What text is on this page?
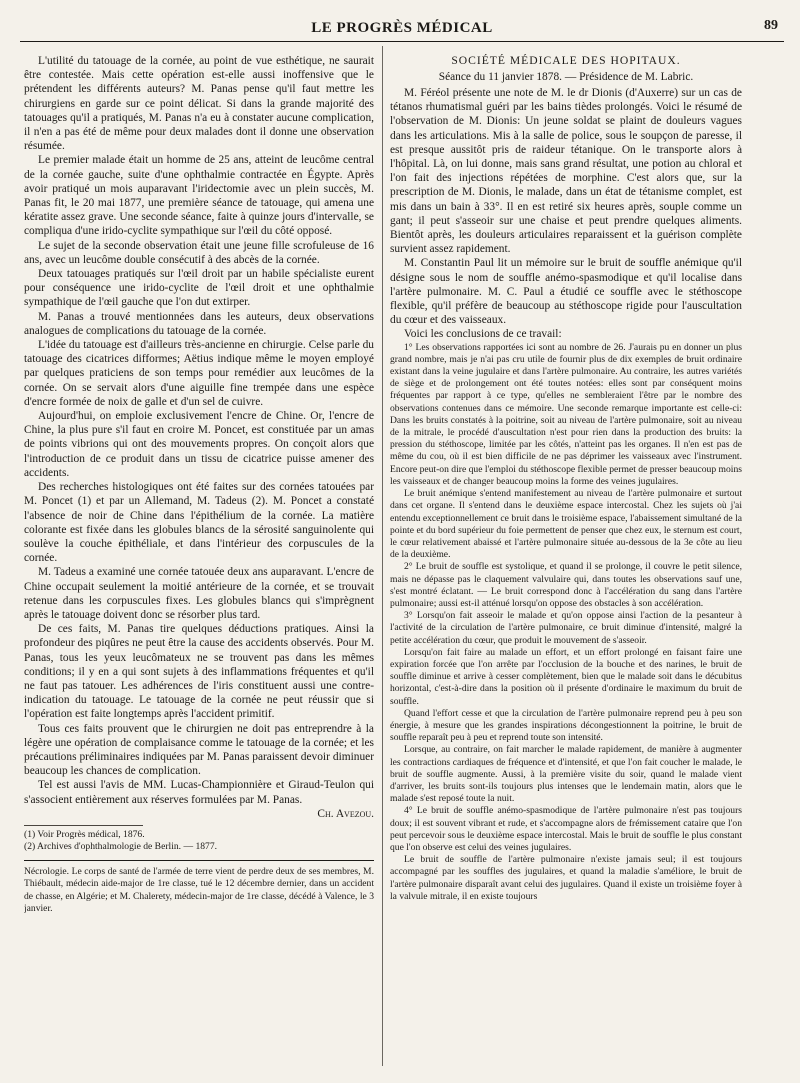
LE PROGRÈS MÉDICAL	89

L'utilité du tatouage de la cornée, au point de vue esthétique, ne saurait être contestée. Mais cette opération est-elle aussi inoffensive que le prétendent les différents auteurs? M. Panas pense qu'il faut mettre les chirurgiens en garde sur ce point délicat. Si dans la grande majorité des tatouages qu'il a pratiqués, M. Panas n'a eu à constater aucune complication, il n'en a pas été de même pour deux malades dont il donne une observation résumée.

Le premier malade était un homme de 25 ans, atteint de leucôme central de la cornée gauche, suite d'une ophthalmie contractée en Égypte. Après avoir pratiqué un mois auparavant l'iridectomie avec un plein succès, M. Panas fit, le 20 mai 1877, une première séance de tatouage, qui amena une kératite assez grave. Une seconde séance, faite à quinze jours d'intervalle, se compliqua d'une irido-cyclite sympathique sur l'œil du côté opposé.

Le sujet de la seconde observation était une jeune fille scrofuleuse de 16 ans, avec un leucôme double consécutif à des abcès de la cornée.

Deux tatouages pratiqués sur l'œil droit par un habile spécialiste eurent pour conséquence une irido-cyclite de l'œil droit et une ophthalmie sympathique de l'œil gauche que l'on dut extirper.

M. Panas a trouvé mentionnées dans les auteurs, deux observations analogues de complications du tatouage de la cornée.

L'idée du tatouage est d'ailleurs très-ancienne en chirurgie. Celse parle du tatouage des cicatrices difformes; Aëtius indique même le moyen employé par quelques praticiens de son temps pour remédier aux leucômes de la cornée. On se servait alors d'une aiguille fine trempée dans une espèce d'encre formée de noix de galle et d'un sel de cuivre.

Aujourd'hui, on emploie exclusivement l'encre de Chine. Or, l'encre de Chine, la plus pure s'il faut en croire M. Poncet, est constituée par un amas de points vibrions qui ont des mouvements propres. On conçoit alors que l'introduction de ce produit dans un tissu de cicatrice puisse amener des accidents.

Des recherches histologiques ont été faites sur des cornées tatouées par M. Poncet (1) et par un Allemand, M. Tadeus (2). M. Poncet a constaté l'absence de noir de Chine dans l'épithélium de la cornée. La matière colorante est fixée dans les globules blancs de la sérosité sanguinolente qui soulève la couche épithéliale, et dans l'intérieur des corpuscules de la cornée.

M. Tadeus a examiné une cornée tatouée deux ans auparavant. L'encre de Chine occupait seulement la moitié antérieure de la cornée, et se trouvait retenue dans les corpuscules fixes. Les globules blancs qui s'imprègnent après le tatouage doivent donc se résorber plus tard.

De ces faits, M. Panas tire quelques déductions pratiques. Ainsi la profondeur des piqûres ne peut être la cause des accidents observés. Pour M. Panas, tous les yeux leucômateux ne se trouvent pas dans les mêmes conditions; il y en a qui sont sujets à des inflammations fréquentes et qu'il ne faut pas tatouer. Les adhérences de l'iris constituent aussi une contre-indication du tatouage. Le tatouage de la cornée ne peut réussir que si l'opération est faite longtemps après l'accident primitif.

Tous ces faits prouvent que le chirurgien ne doit pas entreprendre à la légère une opération de complaisance comme le tatouage de la cornée; et les précautions préliminaires indiquées par M. Panas paraissent devoir diminuer beaucoup les chances de complication.

Tel est aussi l'avis de MM. Lucas-Championnière et Giraud-Teulon qui s'associent entièrement aux réserves formulées par M. Panas.

Ch. Avezou.

(1) Voir Progrès médical, 1876.

(2) Archives d'ophthalmologie de Berlin. — 1877.

Nécrologie. Le corps de santé de l'armée de terre vient de perdre deux de ses membres, M. Thiébault, médecin aide-major de 1re classe, tué le 12 décembre dernier, dans un accident de chasse, en Algérie; et M. Chalerety, médecin-major de 1re classe, décédé à Valence, le 3 janvier.

SOCIÉTÉ MÉDICALE DES HOPITAUX.
Séance du 11 janvier 1878. — Présidence de M. Labric.

M. Féréol présente une note de M. le dr Dionis (d'Auxerre) sur un cas de tétanos rhumatismal guéri par les bains tièdes prolongés. Voici le résumé de l'observation de M. Dionis: Un jeune soldat se plaint de douleurs vagues dans les articulations. Mis à la salle de police, sous le soupçon de paresse, il est presque aussitôt pris de raideur tétanique. On le transporte alors à l'hôpital. Là, on lui donne, mais sans grand résultat, une potion au chloral et l'on fait des injections répétées de morphine. C'est alors que, sur la prescription de M. Dionis, le malade, dans un état de tétanisme complet, est mis dans un bain à 33°. Il en est retiré six heures après, souple comme un gant; il peut s'asseoir sur une chaise et peut prendre quelques aliments. Bientôt après, les douleurs articulaires reparaissent et la guérison complète survient assez rapidement.

M. Constantin Paul lit un mémoire sur le bruit de souffle anémique qu'il désigne sous le nom de souffle anémo-spasmodique et qu'il localise dans l'artère pulmonaire. M. C. Paul a étudié ce souffle avec le stéthoscope flexible, qu'il préfère de beaucoup au stéthoscope rigide pour l'auscultation du cœur et des vaisseaux.

Voici les conclusions de ce travail:

1° Les observations rapportées ici sont au nombre de 26. J'aurais pu en donner un plus grand nombre, mais je n'ai pas cru utile de fournir plus de dix exemples de bruit ordinaire existant dans la veine jugulaire et dans l'artère pulmonaire. Au contraire, les autres variétés de siège et de prolongement ont été toutes notées: elles sont par conséquent moins fréquentes par rapport à ce type, qu'elles ne sembleraient l'être par le nombre des observations contenues dans ce mémoire. Une seconde remarque importante est celle-ci: Dans les bruits constatés à la poitrine, soit au niveau de l'artère pulmonaire, soit au niveau de la mitrale, le procédé d'auscultation n'est pour rien dans la production des bruits: la pression du stéthoscope, limitée par les côtés, n'atteint pas les organes. Il n'en est pas de même du cou, où il est bien difficile de ne pas déprimer les vaisseaux avec l'instrument. Encore peut-on dire que l'emploi du stéthoscope flexible permet de presser beaucoup moins les vaisseaux et de changer beaucoup moins la forme des veines jugulaires.

Le bruit anémique s'entend manifestement au niveau de l'artère pulmonaire et surtout dans cet organe. Il s'entend dans le deuxième espace intercostal. Chez les sujets où j'ai entendu exceptionnellement ce bruit dans le troisième espace, l'abaissement simultané de la pointe et du bord supérieur du foie permettent de penser que chez eux, le sternum est court, le cœur relativement abaissé et l'artère pulmonaire située au-dessous de la 3e côte au lieu de la deuxième.

2° Le bruit de souffle est systolique, et quand il se prolonge, il couvre le petit silence, mais ne dépasse pas le claquement valvulaire qui, dans toutes les observations sauf une, s'est montré éclatant. — Le bruit correspond donc à l'accélération du sang dans l'artère pulmonaire; aussi est-il atténué lorsqu'on oppose des obstacles à son accélération.

3° Lorsqu'on fait asseoir le malade et qu'on oppose ainsi l'action de la pesanteur à l'activité de la circulation de l'artère pulmonaire, ce bruit diminue d'intensité, malgré la petite accélération du cœur, que produit le mouvement de s'asseoir.

Lorsqu'on fait faire au malade un effort, et un effort prolongé en faisant faire une expiration forcée que l'on arrête par l'occlusion de la bouche et des narines, le bruit de souffle diminue et arrive à cesser complètement, bien que le malade soit dans le décubitus horizontal, c'est-à-dire dans la position où il présente d'ordinaire le maximum du bruit de souffle.

Quand l'effort cesse et que la circulation de l'artère pulmonaire reprend peu à peu son énergie, à mesure que les grandes inspirations décongestionnent la poitrine, le bruit de souffle reparaît peu à peu et reprend toute son intensité.

Lorsque, au contraire, on fait marcher le malade rapidement, de manière à augmenter les contractions cardiaques de fréquence et d'intensité, et que l'on fait coucher le malade, le bruit de souffle augmente. Aussi, à la première visite du soir, quand le malade vient d'arriver, les bruits sont-ils toujours plus intenses que le lendemain matin, alors que le malade s'est reposé toute la nuit.

4° Le bruit de souffle anémo-spasmodique de l'artère pulmonaire n'est pas toujours doux; il est souvent vibrant et rude, et s'accompagne alors de frémissement cataire que l'on peut percevoir sous le deuxième espace intercostal. Mais le bruit de souffle le plus constant que l'on observe est celui des veines jugulaires.

Le bruit de souffle de l'artère pulmonaire n'existe jamais seul; il est toujours accompagné par les souffles des jugulaires, et quand la maladie s'améliore, le bruit de l'artère pulmonaire disparaît avant celui des jugulaires. Quand il existe un troisième foyer à la valvule mitrale, il en existe toujours
